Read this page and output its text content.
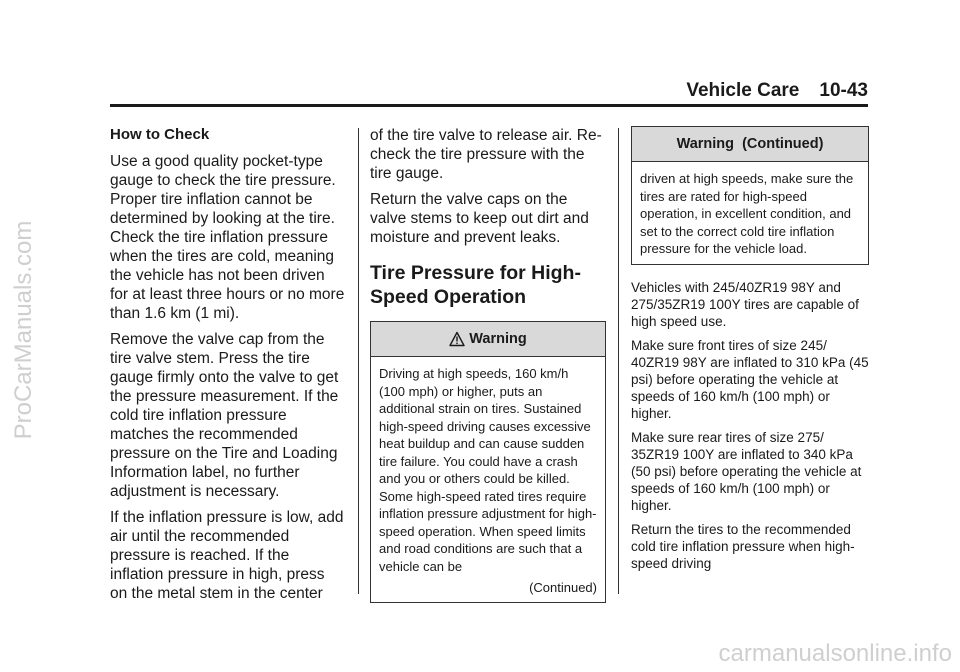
ProCarManuals.com
Vehicle Care 10-43
How to Check

Use a good quality pocket-type gauge to check the tire pressure. Proper tire inflation cannot be determined by looking at the tire. Check the tire inflation pressure when the tires are cold, meaning the vehicle has not been driven for at least three hours or no more than 1.6 km (1 mi).

Remove the valve cap from the tire valve stem. Press the tire gauge firmly onto the valve to get the pressure measurement. If the cold tire inflation pressure matches the recommended pressure on the Tire and Loading Information label, no further adjustment is necessary.

If the inflation pressure is low, add air until the recommended pressure is reached. If the inflation pressure in high, press on the metal stem in the center

of the tire valve to release air. Re-check the tire pressure with the tire gauge.

Return the valve caps on the valve stems to keep out dirt and moisture and prevent leaks.

Tire Pressure for High-Speed Operation
Warning
Driving at high speeds, 160 km/h (100 mph) or higher, puts an additional strain on tires. Sustained high-speed driving causes excessive heat buildup and can cause sudden tire failure. You could have a crash and you or others could be killed. Some high-speed rated tires require inflation pressure adjustment for high-speed operation. When speed limits and road conditions are such that a vehicle can be
(Continued)
Warning  (Continued)
driven at high speeds, make sure the tires are rated for high-speed operation, in excellent condition, and set to the correct cold tire inflation pressure for the vehicle load.

Vehicles with 245/40ZR19 98Y and 275/35ZR19 100Y tires are capable of high speed use.

Make sure front tires of size 245/ 40ZR19 98Y are inflated to 310 kPa (45 psi) before operating the vehicle at speeds of 160 km/h (100 mph) or higher.

Make sure rear tires of size 275/ 35ZR19 100Y are inflated to 340 kPa (50 psi) before operating the vehicle at speeds of 160 km/h (100 mph) or higher.

Return the tires to the recommended cold tire inflation pressure when high-speed driving

carmanualsonline.info
